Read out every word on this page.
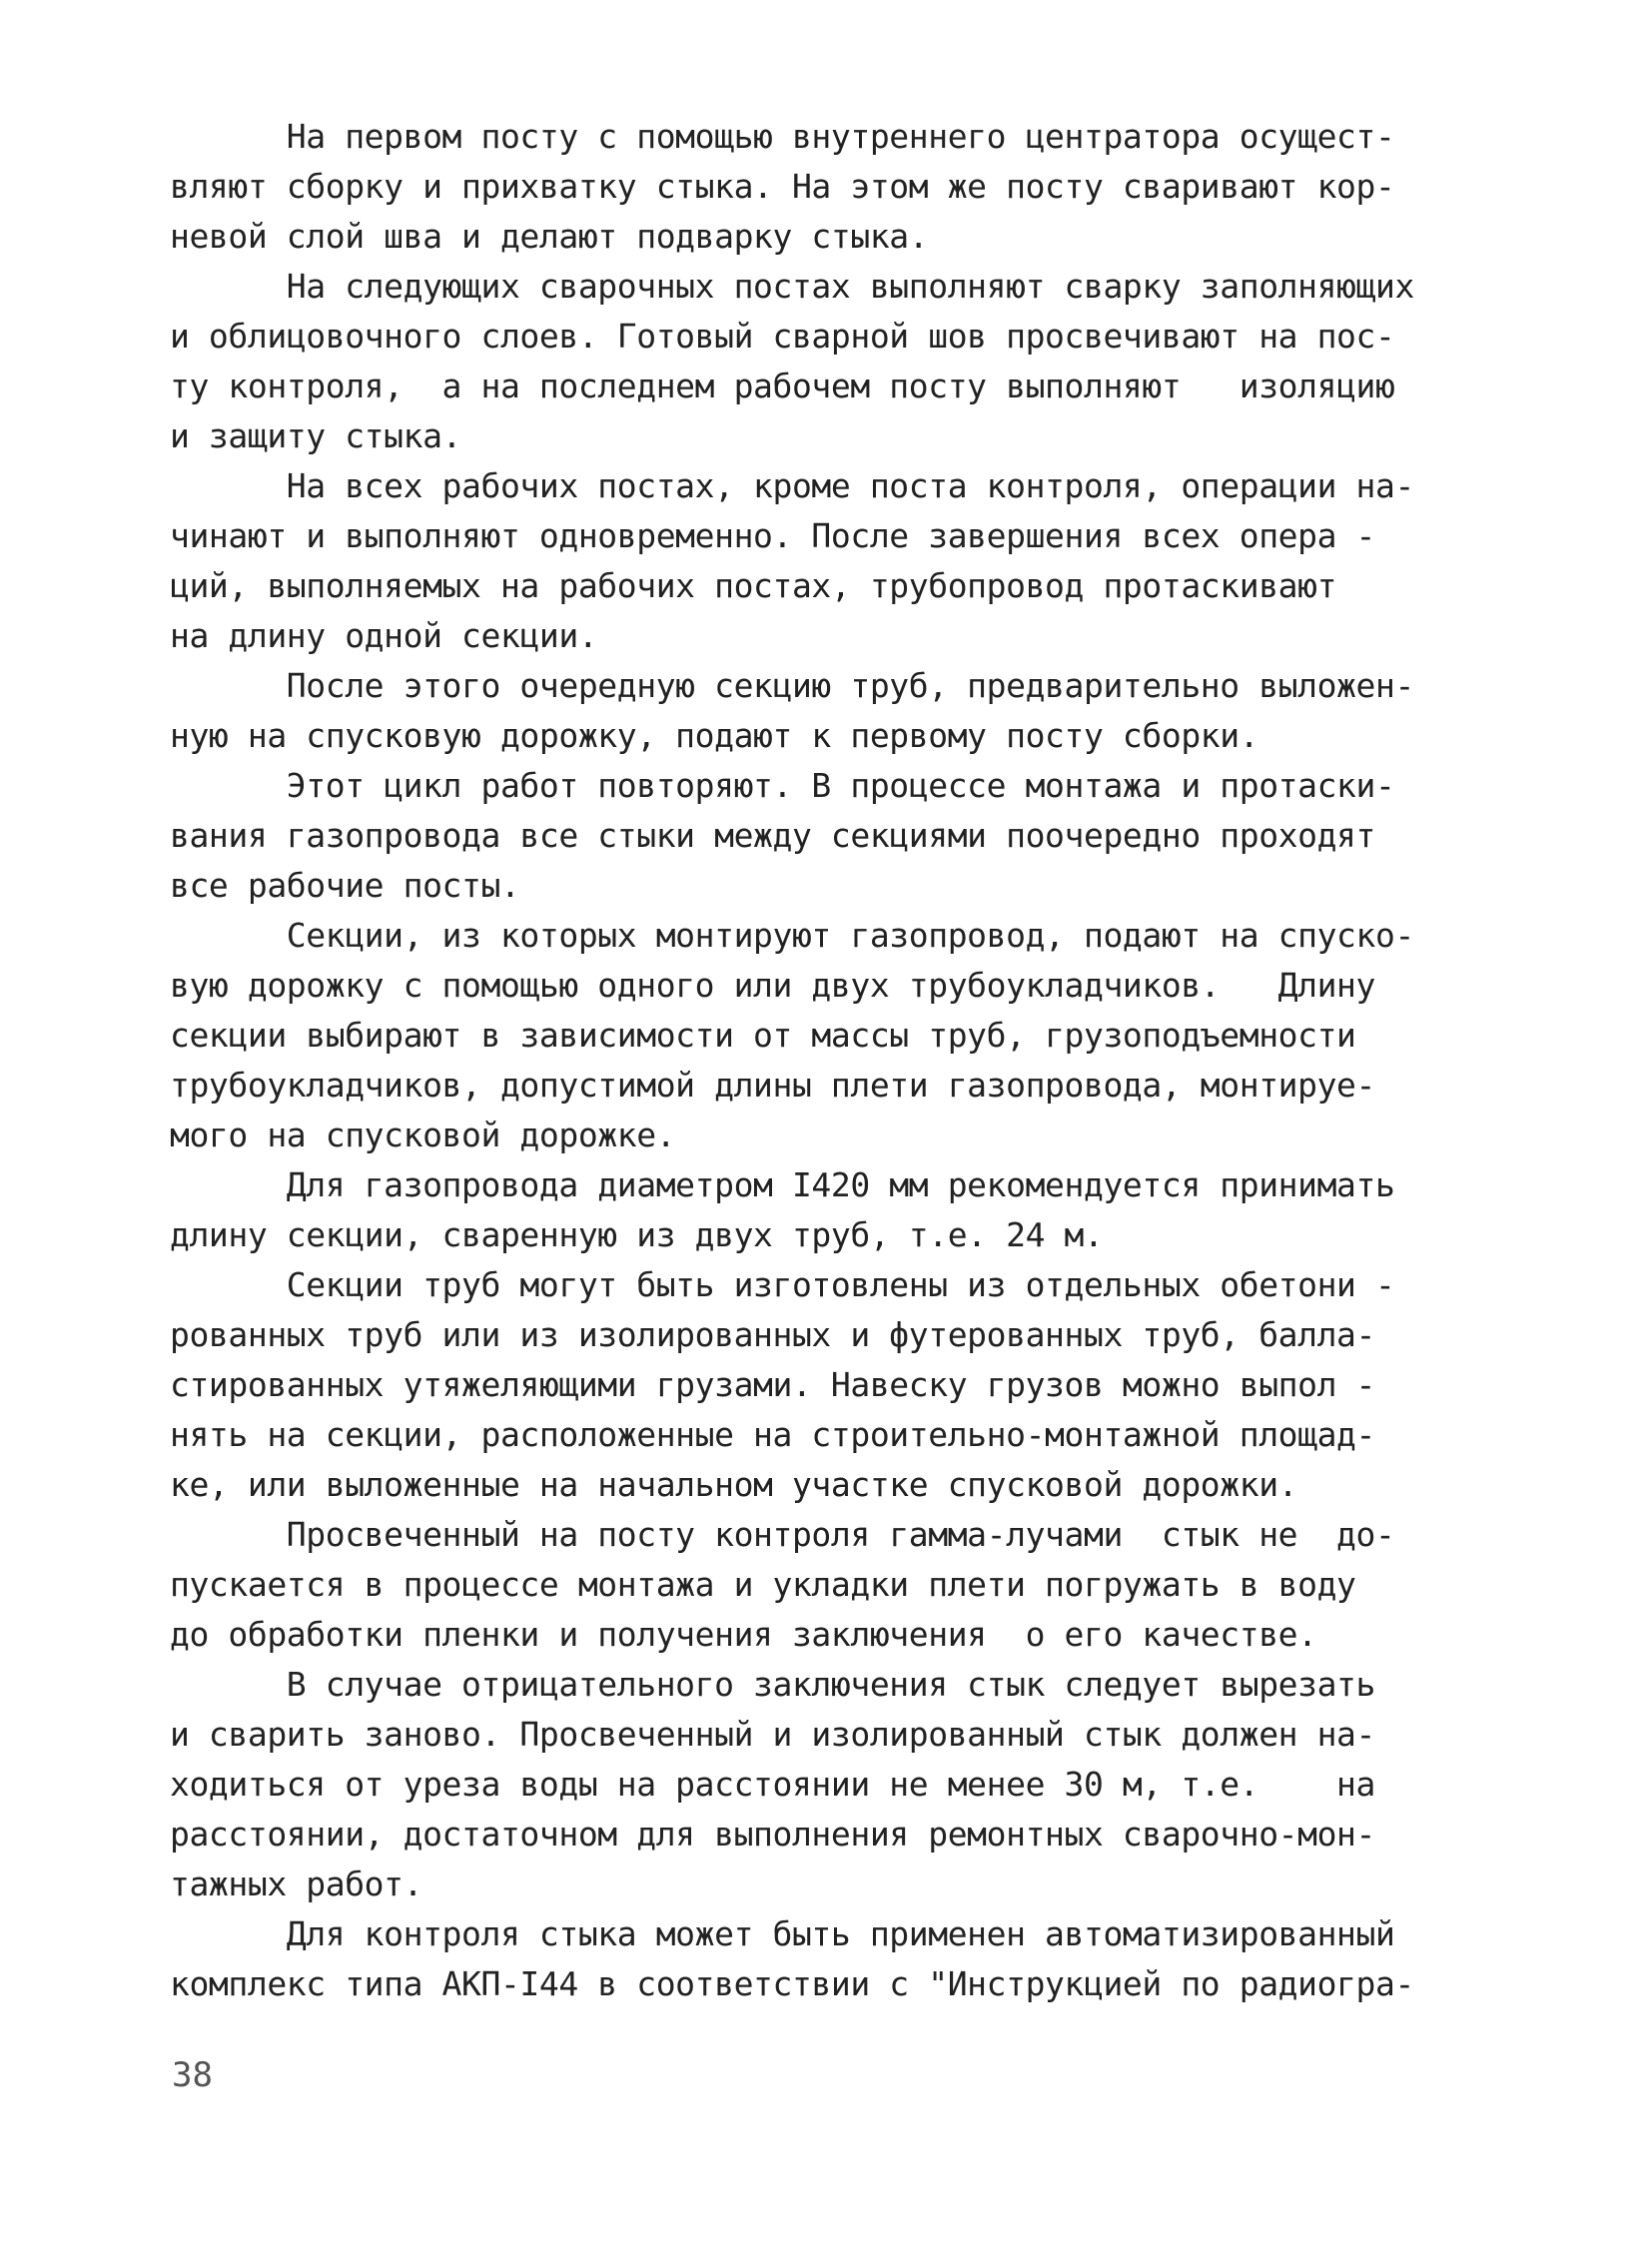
На первом посту с помощью внутреннего центратора осущест-
вляют сборку и прихватку стыка. На этом же посту сваривают кор-
невой слой шва и делают подварку стыка.
На следующих сварочных постах выполняют сварку заполняющих
и облицовочного слоев. Готовый сварной шов просвечивают на пос-
ту контроля,  а на последнем рабочем посту выполняют   изоляцию
и защиту стыка.
На всех рабочих постах, кроме поста контроля, операции на-
чинают и выполняют одновременно. После завершения всех опера -
ций, выполняемых на рабочих постах, трубопровод протаскивают
на длину одной секции.
После этого очередную секцию труб, предварительно выложен-
ную на спусковую дорожку, подают к первому посту сборки.
Этот цикл работ повторяют. В процессе монтажа и протаски-
вания газопровода все стыки между секциями поочередно проходят
все рабочие посты.
Секции, из которых монтируют газопровод, подают на спуско-
вую дорожку с помощью одного или двух трубоукладчиков.   Длину
секции выбирают в зависимости от массы труб, грузоподъемности
трубоукладчиков, допустимой длины плети газопровода, монтируе-
мого на спусковой дорожке.
Для газопровода диаметром I420 мм рекомендуется принимать
длину секции, сваренную из двух труб, т.е. 24 м.
Секции труб могут быть изготовлены из отдельных обетони -
рованных труб или из изолированных и футерованных труб, балла-
стированных утяжеляющими грузами. Навеску грузов можно выпол -
нять на секции, расположенные на строительно-монтажной площад-
ке, или выложенные на начальном участке спусковой дорожки.
Просвеченный на посту контроля гамма-лучами  стык не  до-
пускается в процессе монтажа и укладки плети погружать в воду
до обработки пленки и получения заключения  о его качестве.
В случае отрицательного заключения стык следует вырезать
и сварить заново. Просвеченный и изолированный стык должен на-
ходиться от уреза воды на расстоянии не менее 30 м, т.е.    на
расстоянии, достаточном для выполнения ремонтных сварочно-мон-
тажных работ.
Для контроля стыка может быть применен автоматизированный
комплекс типа АКП-I44 в соответствии с "Инструкцией по радиогра-
38
